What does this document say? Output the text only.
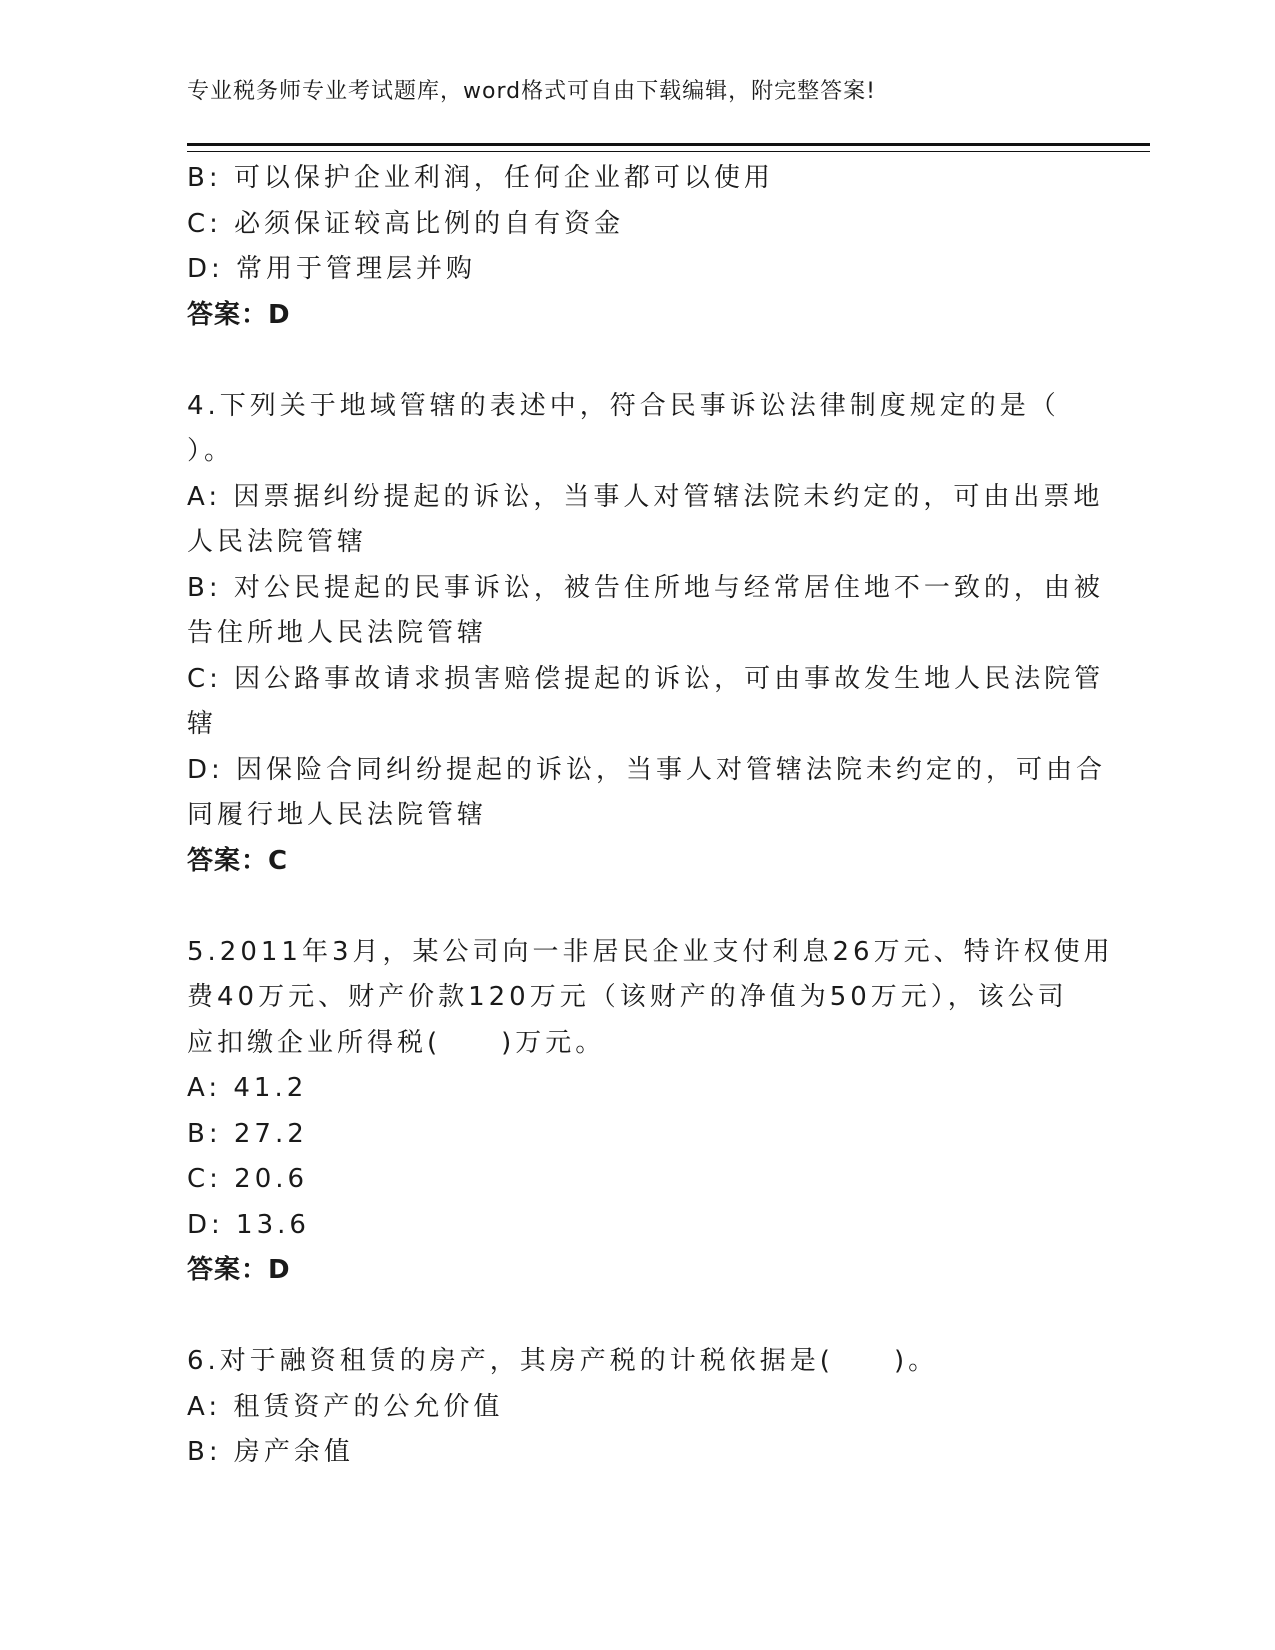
专业税务师专业考试题库，word格式可自由下载编辑，附完整答案!
B: 可以保护企业利润，任何企业都可以使用
C: 必须保证较高比例的自有资金
D: 常用于管理层并购
答案：D
4.下列关于地域管辖的表述中，符合民事诉讼法律制度规定的是（
）。
A: 因票据纠纷提起的诉讼，当事人对管辖法院未约定的，可由出票地
人民法院管辖
B: 对公民提起的民事诉讼，被告住所地与经常居住地不一致的，由被
告住所地人民法院管辖
C: 因公路事故请求损害赔偿提起的诉讼，可由事故发生地人民法院管
辖
D: 因保险合同纠纷提起的诉讼，当事人对管辖法院未约定的，可由合
同履行地人民法院管辖
答案：C
5.2011年3月，某公司向一非居民企业支付利息26万元、特许权使用
费40万元、财产价款120万元（该财产的净值为50万元），该公司
应扣缴企业所得税(　　)万元。
A: 41.2
B: 27.2
C: 20.6
D: 13.6
答案：D
6.对于融资租赁的房产，其房产税的计税依据是(　　)。
A: 租赁资产的公允价值
B: 房产余值
